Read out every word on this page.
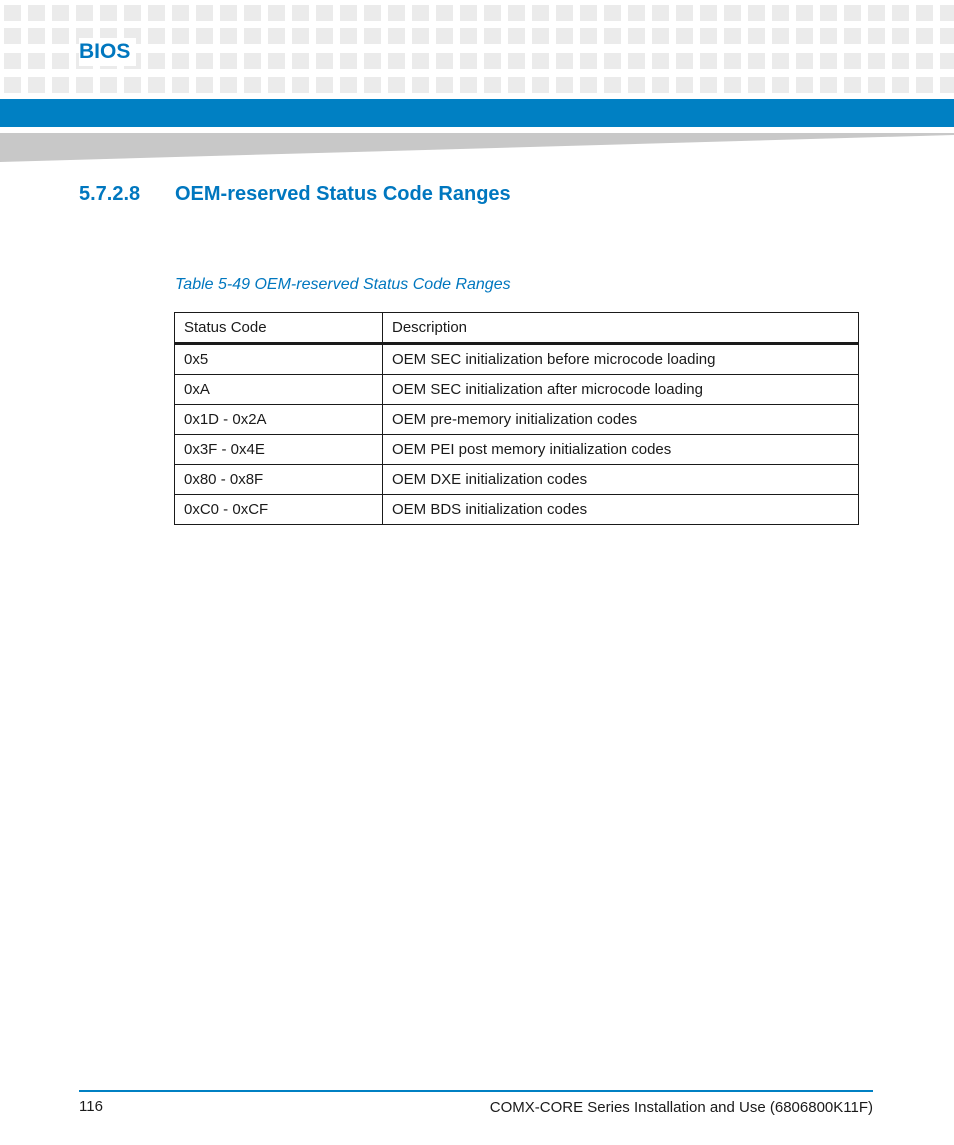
BIOS
5.7.2.8 OEM-reserved Status Code Ranges
Table 5-49 OEM-reserved Status Code Ranges
Status Code	Description
0x5	OEM SEC initialization before microcode loading
0xA	OEM SEC initialization after microcode loading
0x1D - 0x2A	OEM pre-memory initialization codes
0x3F - 0x4E	OEM PEI post memory initialization codes
0x80 - 0x8F	OEM DXE initialization codes
0xC0 - 0xCF	OEM BDS initialization codes
116	COMX-CORE Series Installation and Use (6806800K11F)
